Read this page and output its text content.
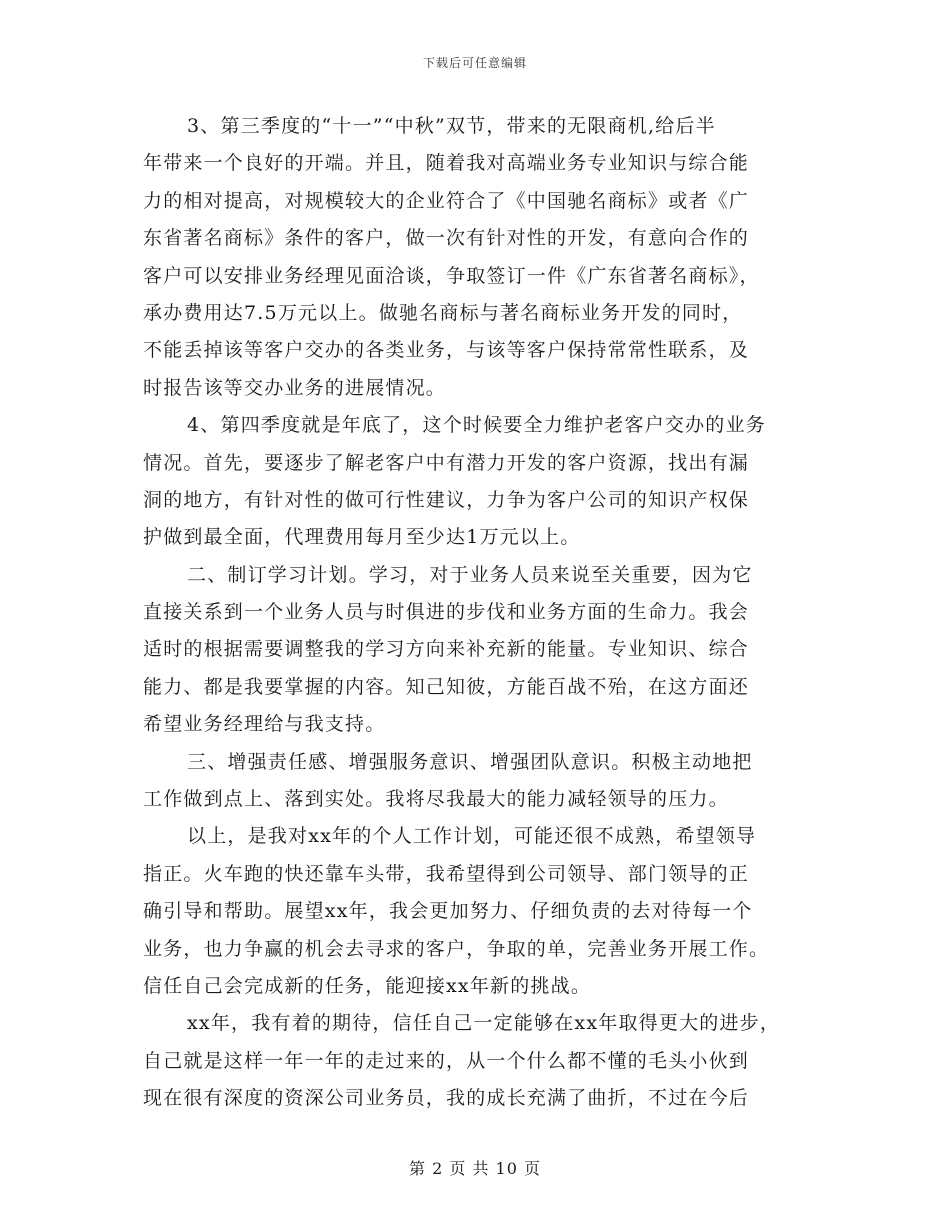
下载后可任意编辑
3、第三季度的“十一”“中秋”双节，带来的无限商机,给后半
年带来一个良好的开端。并且，随着我对高端业务专业知识与综合能
力的相对提高，对规模较大的企业符合了《中国驰名商标》或者《广
东省著名商标》条件的客户，做一次有针对性的开发，有意向合作的
客户可以安排业务经理见面洽谈，争取签订一件《广东省著名商标》，
承办费用达7.5万元以上。做驰名商标与著名商标业务开发的同时，
不能丢掉该等客户交办的各类业务，与该等客户保持常常性联系，及
时报告该等交办业务的进展情况。
4、第四季度就是年底了，这个时候要全力维护老客户交办的业务
情况。首先，要逐步了解老客户中有潜力开发的客户资源，找出有漏
洞的地方，有针对性的做可行性建议，力争为客户公司的知识产权保
护做到最全面，代理费用每月至少达1万元以上。
二、制订学习计划。学习，对于业务人员来说至关重要，因为它
直接关系到一个业务人员与时俱进的步伐和业务方面的生命力。我会
适时的根据需要调整我的学习方向来补充新的能量。专业知识、综合
能力、都是我要掌握的内容。知己知彼，方能百战不殆，在这方面还
希望业务经理给与我支持。
三、增强责任感、增强服务意识、增强团队意识。积极主动地把
工作做到点上、落到实处。我将尽我最大的能力减轻领导的压力。
以上，是我对xx年的个人工作计划，可能还很不成熟，希望领导
指正。火车跑的快还靠车头带，我希望得到公司领导、部门领导的正
确引导和帮助。展望xx年，我会更加努力、仔细负责的去对待每一个
业务，也力争赢的机会去寻求的客户，争取的单，完善业务开展工作。
信任自己会完成新的任务，能迎接xx年新的挑战。
xx年，我有着的期待，信任自己一定能够在xx年取得更大的进步，
自己就是这样一年一年的走过来的，从一个什么都不懂的毛头小伙到
现在很有深度的资深公司业务员，我的成长充满了曲折，不过在今后
第 2 页 共 10 页
